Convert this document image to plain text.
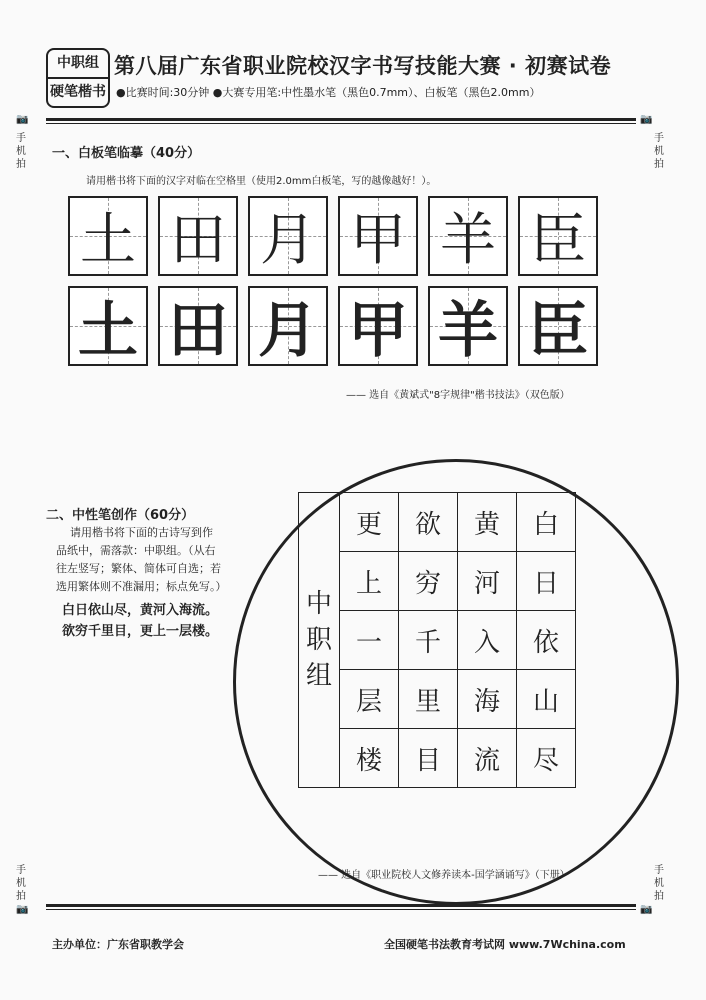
中职组
硬笔楷书
第八届广东省职业院校汉字书写技能大赛 · 初赛试卷
●比赛时间:30分钟 ●大赛专用笔:中性墨水笔（黑色0.7mm）、白板笔（黑色2.0mm）
📷
手
机
拍
📷
手
机
拍
手
机
拍
📷
手
机
拍
📷
一、白板笔临摹（40分）
请用楷书将下面的汉字对临在空格里（使用2.0mm白板笔，写的越像越好！）。
土 田 月 甲 羊 臣
土 田 月 甲 羊 臣
—— 选自《黄斌式"8字规律"楷书技法》（双色版）
二、中性笔创作（60分）
请用楷书将下面的古诗写到作
品纸中，需落款：中职组。（从右
往左竖写；繁体、简体可自选；若
选用繁体则不准漏用；标点免写。）
白日依山尽，黄河入海流。
欲穷千里目，更上一层楼。
中职组	更	欲	黄	白
	上	穷	河	日
	一	千	入	依
	层	里	海	山
	楼	目	流	尽
—— 选自《职业院校人文修养读本-国学涵诵写》（下册）
主办单位：广东省职教学会	全国硬笔书法教育考试网 www.7Wchina.com
